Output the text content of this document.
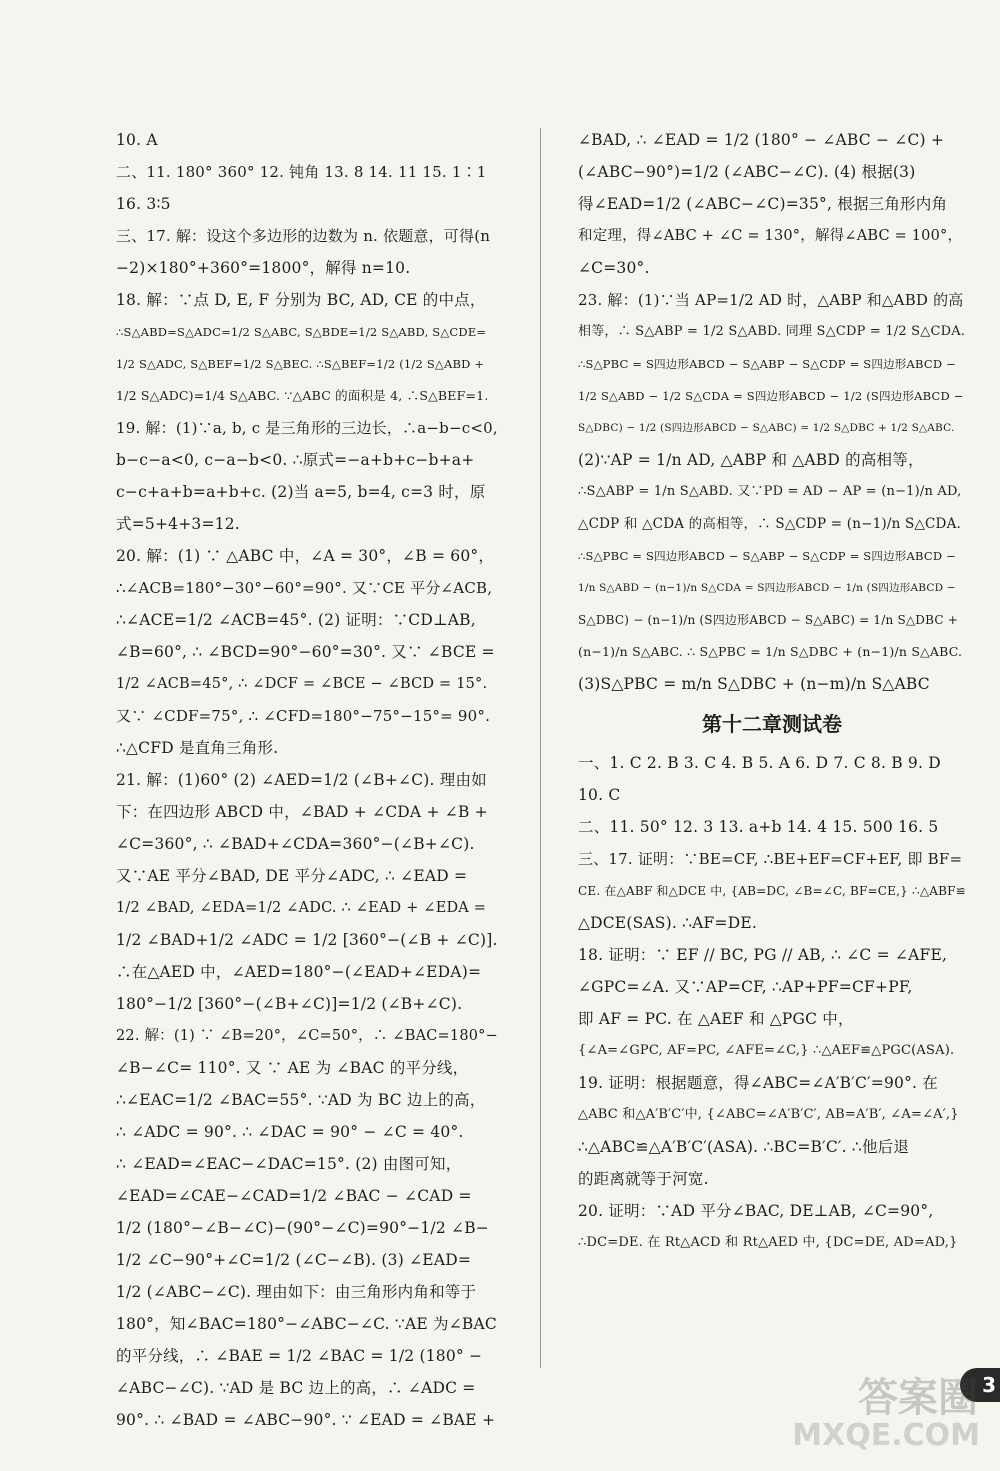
10. A
二、11. 180° 360° 12. 钝角 13. 8 14. 11 15. 1∶1
16. 3∶5
三、17. 解：设这个多边形的边数为 n. 依题意，可得(n
−2)×180°+360°=1800°，解得 n=10.
18. 解：∵点 D, E, F 分别为 BC, AD, CE 的中点，
∴S△ABD=S△ADC=1/2 S△ABC, S△BDE=1/2 S△ABD, S△CDE=
1/2 S△ADC, S△BEF=1/2 S△BEC. ∴S△BEF=1/2 (1/2 S△ABD +
1/2 S△ADC)=1/4 S△ABC. ∵△ABC 的面积是 4, ∴S△BEF=1.
19. 解：(1)∵a, b, c 是三角形的三边长，∴a−b−c<0,
b−c−a<0, c−a−b<0. ∴原式=−a+b+c−b+a+
c−c+a+b=a+b+c. (2)当 a=5, b=4, c=3 时，原
式=5+4+3=12.
20. 解：(1) ∵ △ABC 中，∠A = 30°，∠B = 60°，
∴∠ACB=180°−30°−60°=90°. 又∵CE 平分∠ACB,
∴∠ACE=1/2 ∠ACB=45°. (2) 证明：∵CD⊥AB,
∠B=60°, ∴ ∠BCD=90°−60°=30°. 又∵ ∠BCE =
1/2 ∠ACB=45°, ∴ ∠DCF = ∠BCE − ∠BCD = 15°.
又∵ ∠CDF=75°, ∴ ∠CFD=180°−75°−15°= 90°.
∴△CFD 是直角三角形.
21. 解：(1)60° (2) ∠AED=1/2 (∠B+∠C). 理由如
下：在四边形 ABCD 中，∠BAD + ∠CDA + ∠B +
∠C=360°, ∴ ∠BAD+∠CDA=360°−(∠B+∠C).
又∵AE 平分∠BAD, DE 平分∠ADC, ∴ ∠EAD =
1/2 ∠BAD, ∠EDA=1/2 ∠ADC. ∴ ∠EAD + ∠EDA =
1/2 ∠BAD+1/2 ∠ADC = 1/2 [360°−(∠B + ∠C)].
∴在△AED 中，∠AED=180°−(∠EAD+∠EDA)=
180°−1/2 [360°−(∠B+∠C)]=1/2 (∠B+∠C).
22. 解：(1) ∵ ∠B=20°，∠C=50°，∴ ∠BAC=180°−
∠B−∠C= 110°. 又 ∵ AE 为 ∠BAC 的平分线，
∴∠EAC=1/2 ∠BAC=55°. ∵AD 为 BC 边上的高，
∴ ∠ADC = 90°. ∴ ∠DAC = 90° − ∠C = 40°.
∴ ∠EAD=∠EAC−∠DAC=15°. (2) 由图可知，
∠EAD=∠CAE−∠CAD=1/2 ∠BAC − ∠CAD =
1/2 (180°−∠B−∠C)−(90°−∠C)=90°−1/2 ∠B−
1/2 ∠C−90°+∠C=1/2 (∠C−∠B). (3) ∠EAD=
1/2 (∠ABC−∠C). 理由如下：由三角形内角和等于
180°，知∠BAC=180°−∠ABC−∠C. ∵AE 为∠BAC
的平分线，∴ ∠BAE = 1/2 ∠BAC = 1/2 (180° −
∠ABC−∠C). ∵AD 是 BC 边上的高，∴ ∠ADC =
90°. ∴ ∠BAD = ∠ABC−90°. ∵ ∠EAD = ∠BAE +
∠BAD, ∴ ∠EAD = 1/2 (180° − ∠ABC − ∠C) +
(∠ABC−90°)=1/2 (∠ABC−∠C). (4) 根据(3)
得∠EAD=1/2 (∠ABC−∠C)=35°, 根据三角形内角
和定理，得∠ABC + ∠C = 130°，解得∠ABC = 100°，
∠C=30°.
23. 解：(1)∵当 AP=1/2 AD 时，△ABP 和△ABD 的高
相等，∴ S△ABP = 1/2 S△ABD. 同理 S△CDP = 1/2 S△CDA.
∴S△PBC = S四边形ABCD − S△ABP − S△CDP = S四边形ABCD −
1/2 S△ABD − 1/2 S△CDA = S四边形ABCD − 1/2 (S四边形ABCD −
S△DBC) − 1/2 (S四边形ABCD − S△ABC) = 1/2 S△DBC + 1/2 S△ABC.
(2)∵AP = 1/n AD, △ABP 和 △ABD 的高相等，
∴S△ABP = 1/n S△ABD. 又∵PD = AD − AP = (n−1)/n AD,
△CDP 和 △CDA 的高相等，∴ S△CDP = (n−1)/n S△CDA.
∴S△PBC = S四边形ABCD − S△ABP − S△CDP = S四边形ABCD −
1/n S△ABD − (n−1)/n S△CDA = S四边形ABCD − 1/n (S四边形ABCD −
S△DBC) − (n−1)/n (S四边形ABCD − S△ABC) = 1/n S△DBC +
(n−1)/n S△ABC. ∴ S△PBC = 1/n S△DBC + (n−1)/n S△ABC.
(3)S△PBC = m/n S△DBC + (n−m)/n S△ABC
第十二章测试卷
一、1. C 2. B 3. C 4. B 5. A 6. D 7. C 8. B 9. D
10. C
二、11. 50° 12. 3 13. a+b 14. 4 15. 500 16. 5
三、17. 证明：∵BE=CF, ∴BE+EF=CF+EF, 即 BF=
CE. 在△ABF 和△DCE 中, {AB=DC, ∠B=∠C, BF=CE,} ∴△ABF≌
△DCE(SAS). ∴AF=DE.
18. 证明：∵ EF // BC, PG // AB, ∴ ∠C = ∠AFE,
∠GPC=∠A. 又∵AP=CF, ∴AP+PF=CF+PF,
即 AF = PC. 在 △AEF 和 △PGC 中，
{∠A=∠GPC, AF=PC, ∠AFE=∠C,} ∴△AEF≌△PGC(ASA).
19. 证明：根据题意，得∠ABC=∠A′B′C′=90°. 在
△ABC 和△A′B′C′中, {∠ABC=∠A′B′C′, AB=A′B′, ∠A=∠A′,}
∴△ABC≌△A′B′C′(ASA). ∴BC=B′C′. ∴他后退
的距离就等于河宽.
20. 证明：∵AD 平分∠BAC, DE⊥AB, ∠C=90°,
∴DC=DE. 在 Rt△ACD 和 Rt△AED 中, {DC=DE, AD=AD,}
3
答案圈
MXQE.COM
